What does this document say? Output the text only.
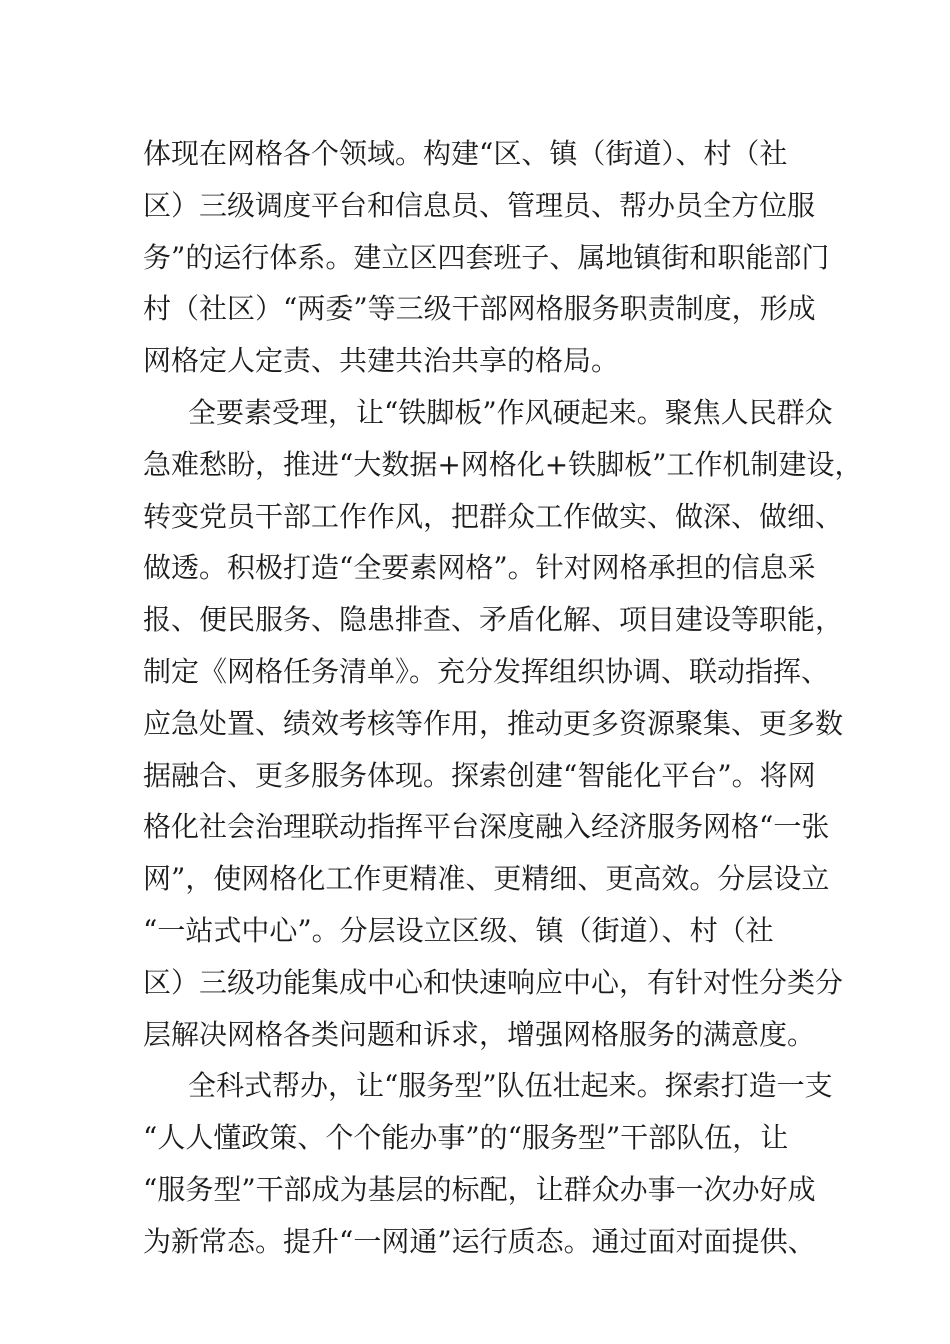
体现在网格各个领域。构建“区、镇（街道）、村（社
区）三级调度平台和信息员、管理员、帮办员全方位服
务”的运行体系。建立区四套班子、属地镇街和职能部门
村（社区）“两委”等三级干部网格服务职责制度，形成
网格定人定责、共建共治共享的格局。
全要素受理，让“铁脚板”作风硬起来。聚焦人民群众
急难愁盼，推进“大数据+网格化+铁脚板”工作机制建设，
转变党员干部工作作风，把群众工作做实、做深、做细、
做透。积极打造“全要素网格”。针对网格承担的信息采
报、便民服务、隐患排查、矛盾化解、项目建设等职能，
制定《网格任务清单》。充分发挥组织协调、联动指挥、
应急处置、绩效考核等作用，推动更多资源聚集、更多数
据融合、更多服务体现。探索创建“智能化平台”。将网
格化社会治理联动指挥平台深度融入经济服务网格“一张
网”，使网格化工作更精准、更精细、更高效。分层设立
“一站式中心”。分层设立区级、镇（街道）、村（社
区）三级功能集成中心和快速响应中心，有针对性分类分
层解决网格各类问题和诉求，增强网格服务的满意度。
全科式帮办，让“服务型”队伍壮起来。探索打造一支
“人人懂政策、个个能办事”的“服务型”干部队伍，让
“服务型”干部成为基层的标配，让群众办事一次办好成
为新常态。提升“一网通”运行质态。通过面对面提供、
